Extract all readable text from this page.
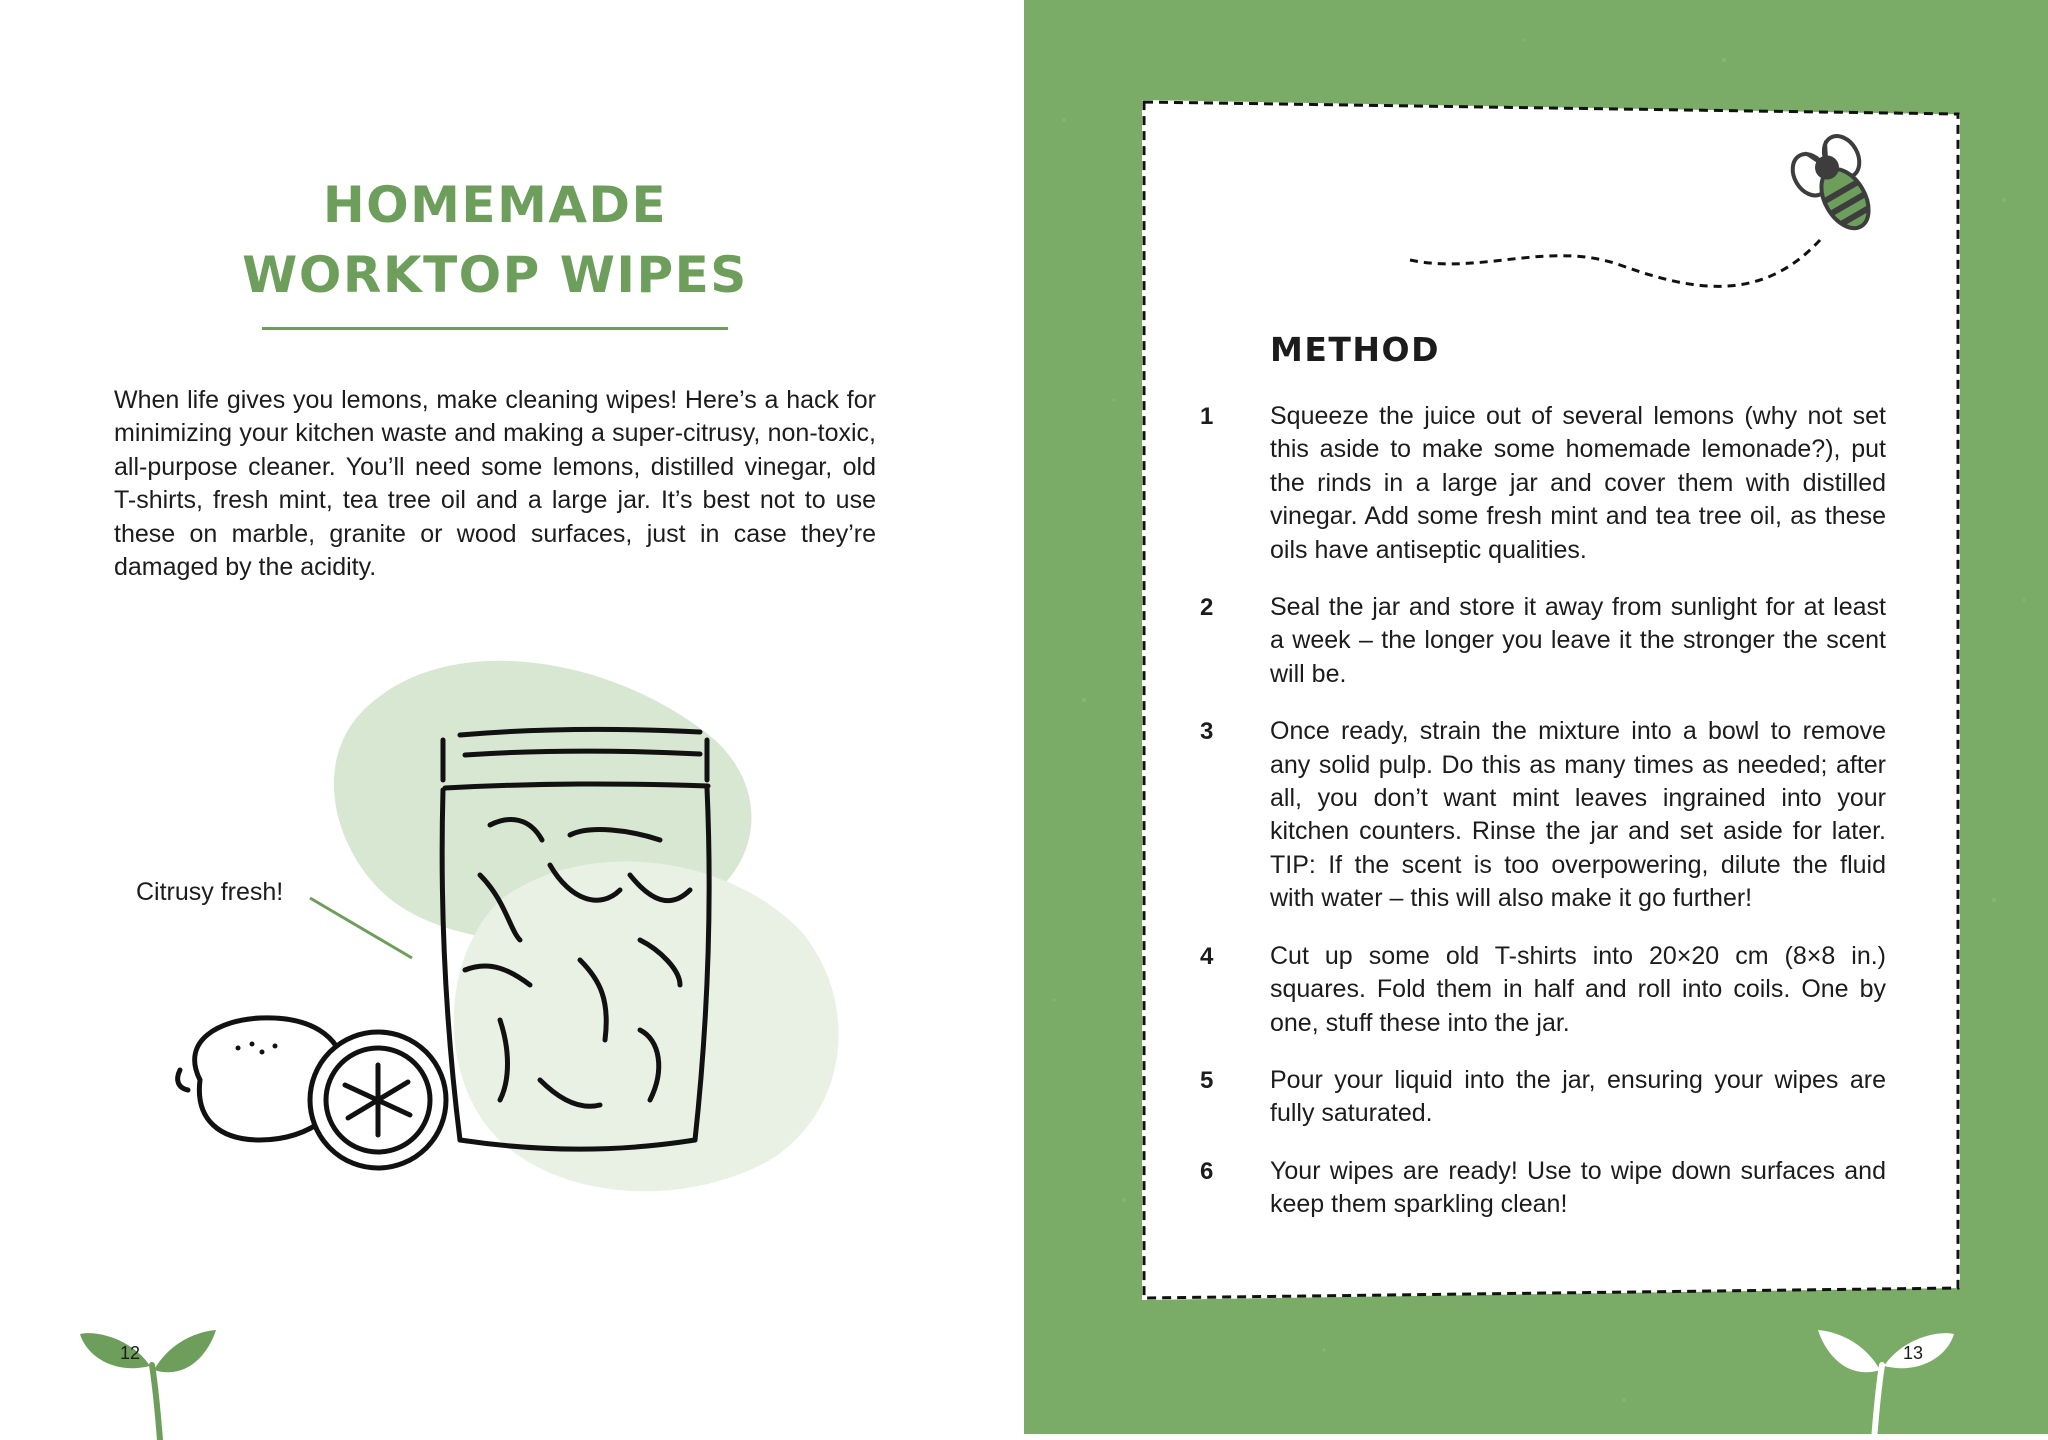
HOMEMADE
WORKTOP WIPES

When life gives you lemons, make cleaning wipes! Here’s a hack for minimizing your kitchen waste and making a super-citrusy, non-toxic, all-purpose cleaner. You’ll need some lemons, distilled vinegar, old T-shirts, fresh mint, tea tree oil and a large jar. It’s best not to use these on marble, granite or wood surfaces, just in case they’re damaged by the acidity.

Citrusy fresh!

12
METHOD
1 Squeeze the juice out of several lemons (why not set this aside to make some homemade lemonade?), put the rinds in a large jar and cover them with distilled vinegar. Add some fresh mint and tea tree oil, as these oils have antiseptic qualities.
2 Seal the jar and store it away from sunlight for at least a week – the longer you leave it the stronger the scent will be.
3 Once ready, strain the mixture into a bowl to remove any solid pulp. Do this as many times as needed; after all, you don’t want mint leaves ingrained into your kitchen counters. Rinse the jar and set aside for later. TIP: If the scent is too overpowering, dilute the fluid with water – this will also make it go further!
4 Cut up some old T-shirts into 20×20 cm (8×8 in.) squares. Fold them in half and roll into coils. One by one, stuff these into the jar.
5 Pour your liquid into the jar, ensuring your wipes are fully saturated.
6 Your wipes are ready! Use to wipe down surfaces and keep them sparkling clean!
13
